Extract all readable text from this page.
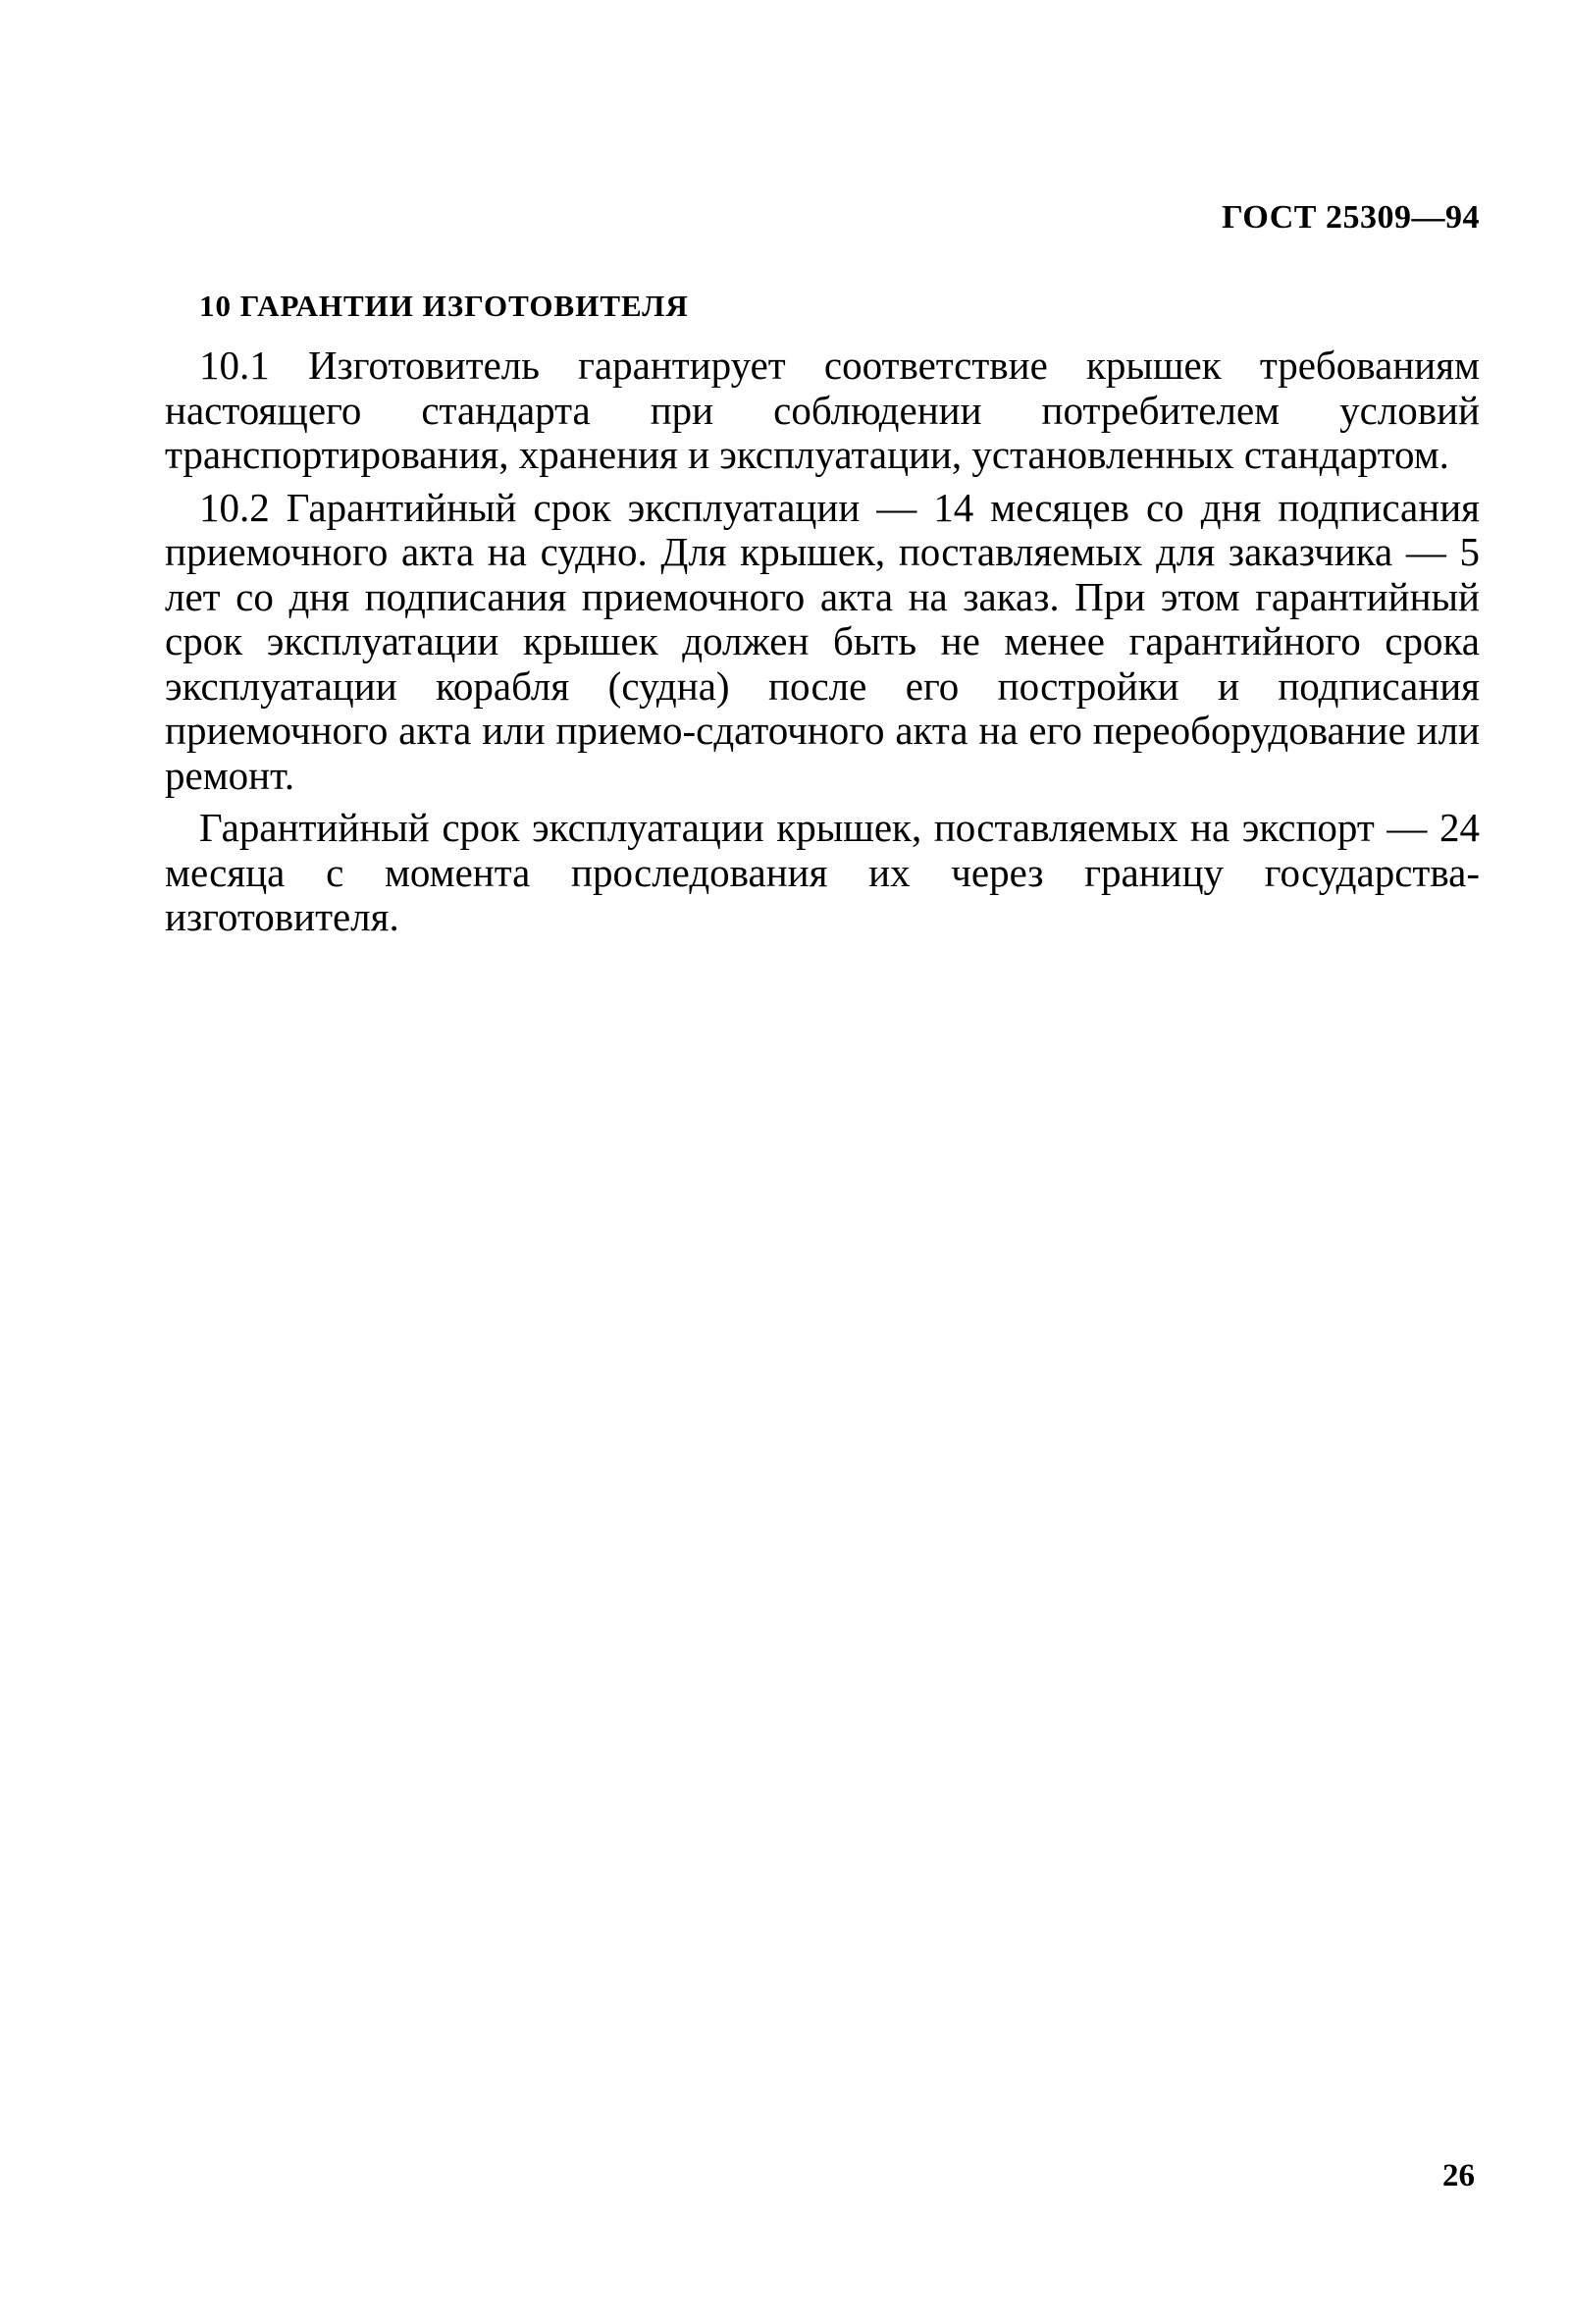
ГОСТ 25309—94
10 ГАРАНТИИ ИЗГОТОВИТЕЛЯ

10.1 Изготовитель гарантирует соответствие крышек требованиям настоящего стандарта при соблюдении потребителем условий транспортирования, хранения и эксплуатации, установленных стандартом.

10.2 Гарантийный срок эксплуатации — 14 месяцев со дня подписания приемочного акта на судно. Для крышек, поставляемых для заказчика — 5 лет со дня подписания приемочного акта на заказ. При этом гарантийный срок эксплуатации крышек должен быть не менее гарантийного срока эксплуатации корабля (судна) после его постройки и подписания приемочного акта или приемо-сдаточного акта на его переоборудование или ремонт.

Гарантийный срок эксплуатации крышек, поставляемых на экспорт — 24 месяца с момента проследования их через границу государства-изготовителя.

26
